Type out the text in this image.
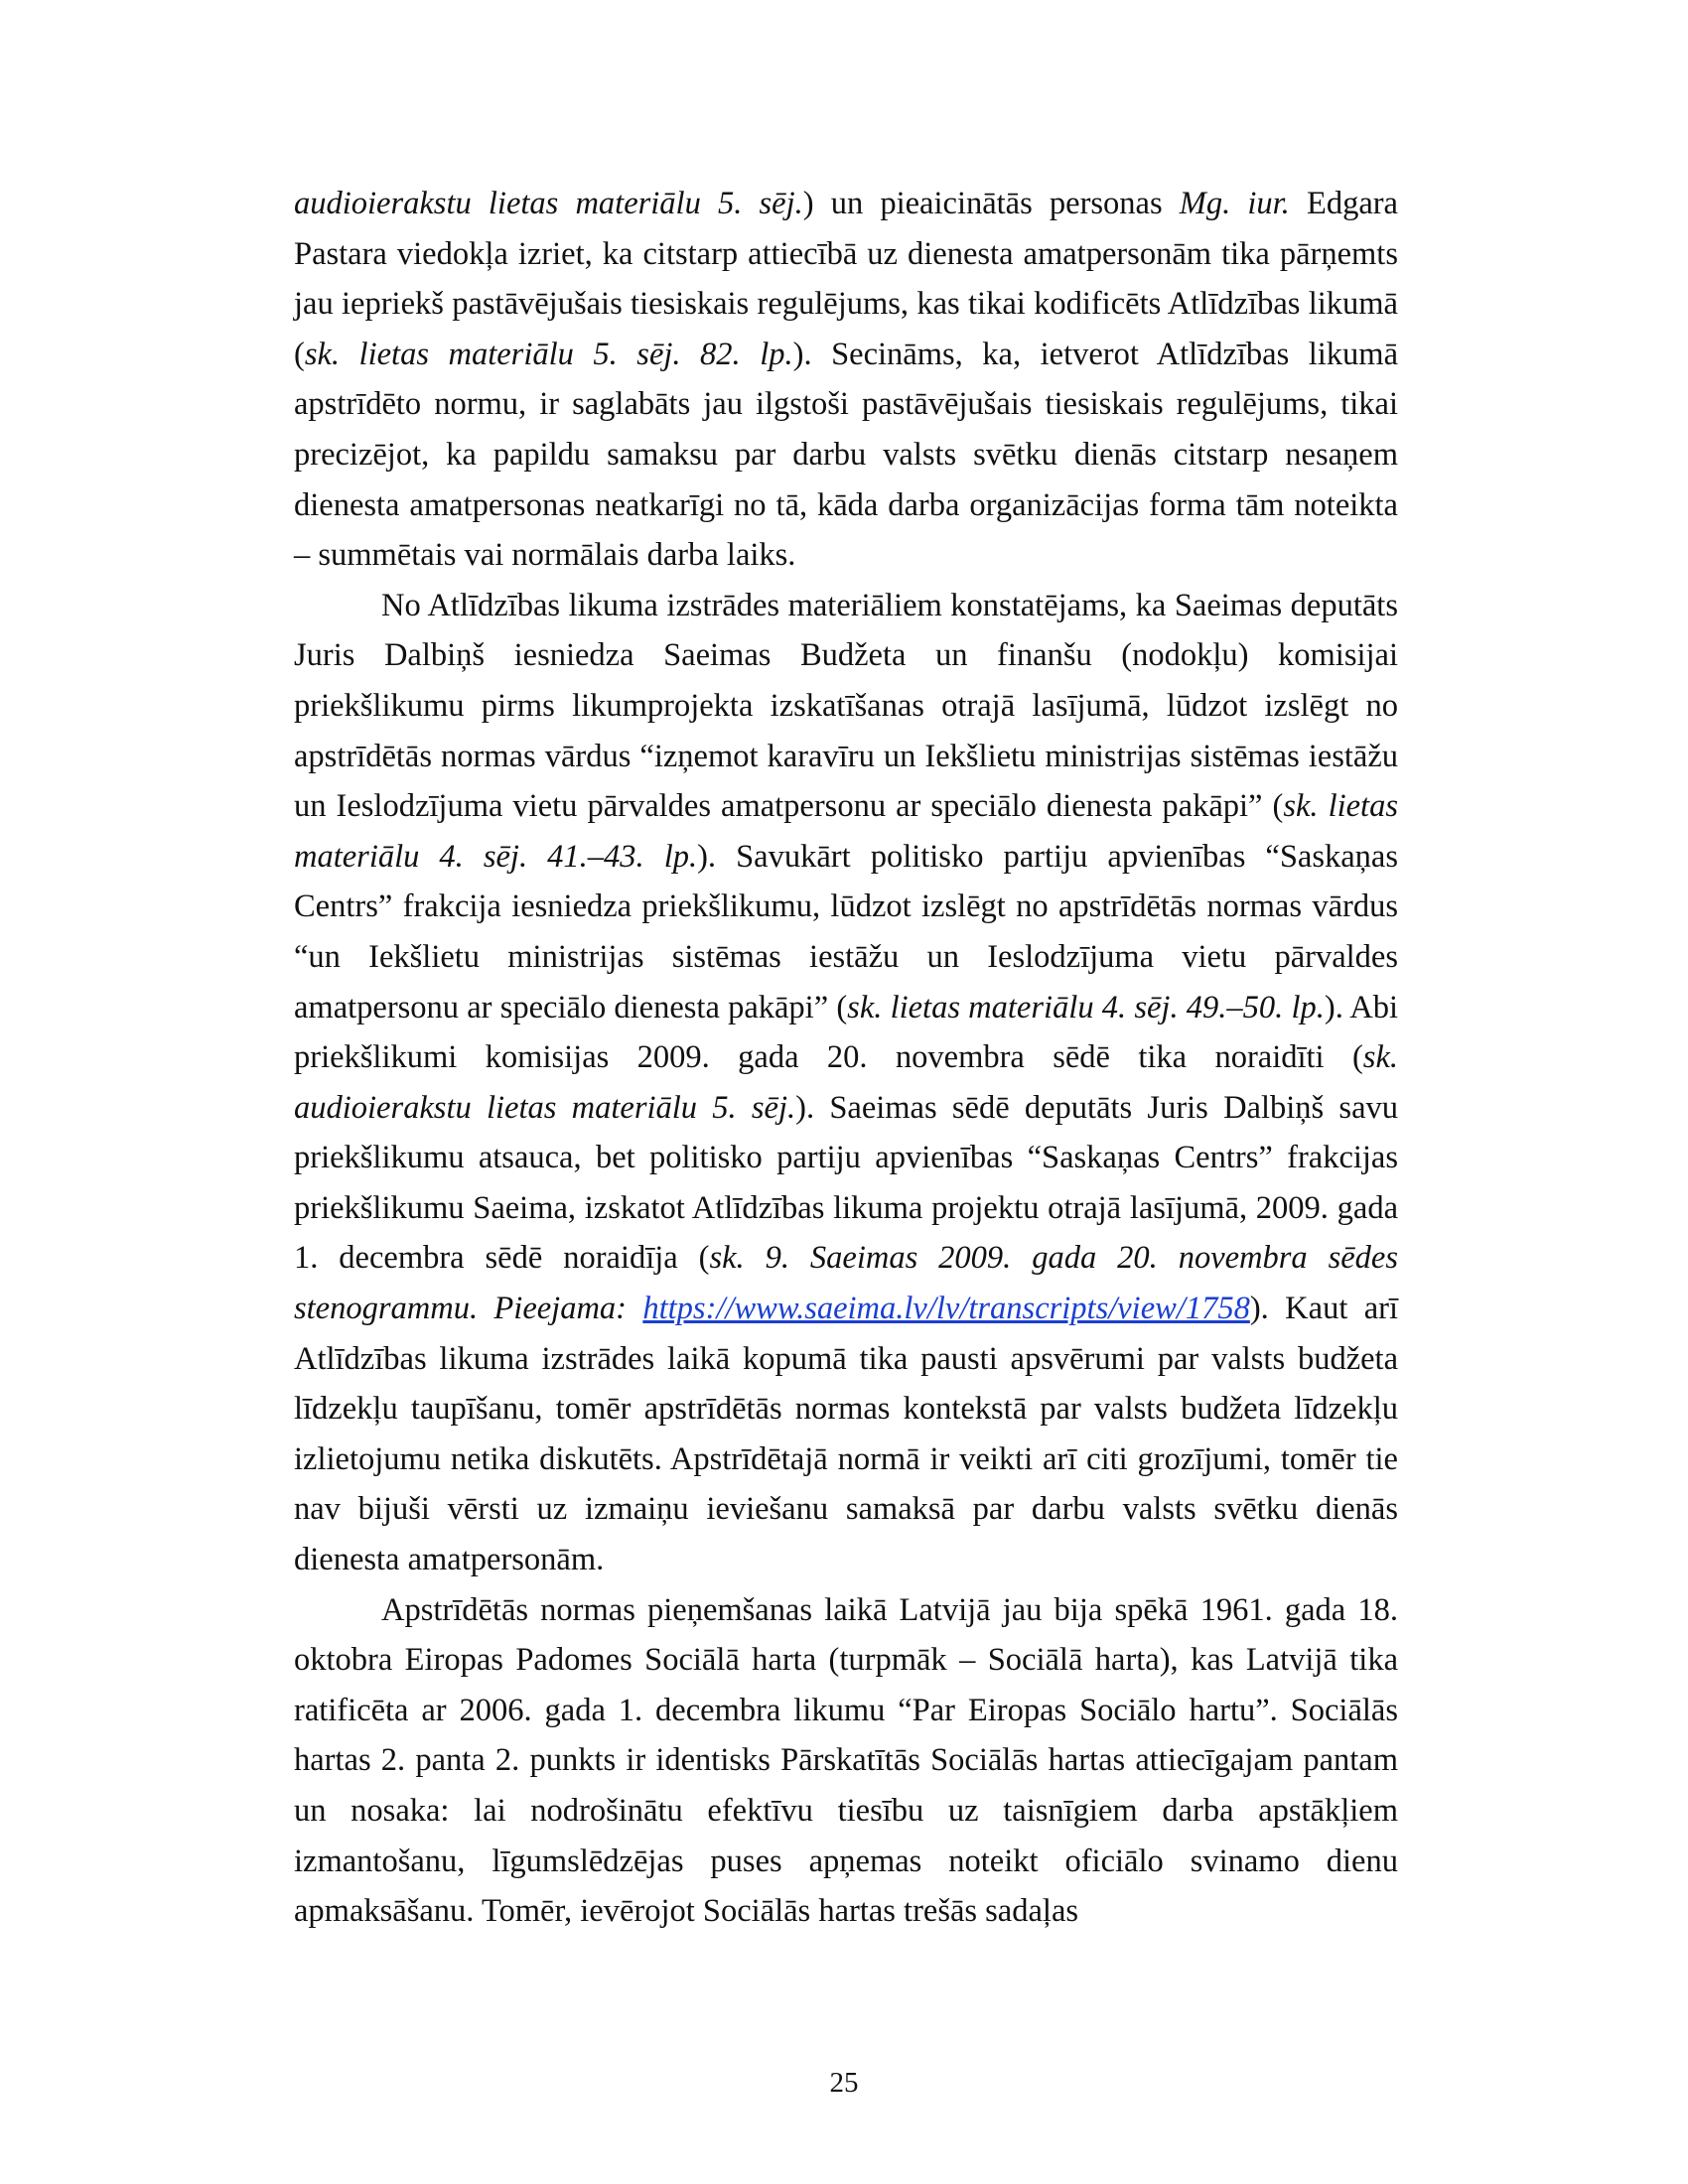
audioierakstu lietas materiālu 5. sēj.) un pieaicinātās personas Mg. iur. Edgara Pastara viedokļa izriet, ka citstarp attiecībā uz dienesta amatpersonām tika pārņemts jau iepriekš pastāvējušais tiesiskais regulējums, kas tikai kodificēts Atlīdzības likumā (sk. lietas materiālu 5. sēj. 82. lp.). Secināms, ka, ietverot Atlīdzības likumā apstrīdēto normu, ir saglabāts jau ilgstoši pastāvējušais tiesiskais regulējums, tikai precizējot, ka papildu samaksu par darbu valsts svētku dienās citstarp nesaņem dienesta amatpersonas neatkarīgi no tā, kāda darba organizācijas forma tām noteikta – summētais vai normālais darba laiks.

No Atlīdzības likuma izstrādes materiāliem konstatējams, ka Saeimas deputāts Juris Dalbiņš iesniedza Saeimas Budžeta un finanšu (nodokļu) komisijai priekšlikumu pirms likumprojekta izskatīšanas otrajā lasījumā, lūdzot izslēgt no apstrīdētās normas vārdus “izņemot karavīru un Iekšlietu ministrijas sistēmas iestāžu un Ieslodzījuma vietu pārvaldes amatpersonu ar speciālo dienesta pakāpi” (sk. lietas materiālu 4. sēj. 41.–43. lp.). Savukārt politisko partiju apvienības “Saskaņas Centrs” frakcija iesniedza priekšlikumu, lūdzot izslēgt no apstrīdētās normas vārdus “un Iekšlietu ministrijas sistēmas iestāžu un Ieslodzījuma vietu pārvaldes amatpersonu ar speciālo dienesta pakāpi” (sk. lietas materiālu 4. sēj. 49.–50. lp.). Abi priekšlikumi komisijas 2009. gada 20. novembra sēdē tika noraidīti (sk. audioierakstu lietas materiālu 5. sēj.). Saeimas sēdē deputāts Juris Dalbiņš savu priekšlikumu atsauca, bet politisko partiju apvienības “Saskaņas Centrs” frakcijas priekšlikumu Saeima, izskatot Atlīdzības likuma projektu otrajā lasījumā, 2009. gada 1. decembra sēdē noraidīja (sk. 9. Saeimas 2009. gada 20. novembra sēdes stenogrammu. Pieejama: https://www.saeima.lv/lv/transcripts/view/1758). Kaut arī Atlīdzības likuma izstrādes laikā kopumā tika pausti apsvērumi par valsts budžeta līdzekļu taupīšanu, tomēr apstrīdētās normas kontekstā par valsts budžeta līdzekļu izlietojumu netika diskutēts. Apstrīdētajā normā ir veikti arī citi grozījumi, tomēr tie nav bijuši vērsti uz izmaiņu ieviešanu samaksā par darbu valsts svētku dienās dienesta amatpersonām.

Apstrīdētās normas pieņemšanas laikā Latvijā jau bija spēkā 1961. gada 18. oktobra Eiropas Padomes Sociālā harta (turpmāk – Sociālā harta), kas Latvijā tika ratificēta ar 2006. gada 1. decembra likumu “Par Eiropas Sociālo hartu”. Sociālās hartas 2. panta 2. punkts ir identisks Pārskatītās Sociālās hartas attiecīgajam pantam un nosaka: lai nodrošinātu efektīvu tiesību uz taisnīgiem darba apstākļiem izmantošanu, līgumslēdzējas puses apņemas noteikt oficiālo svinamo dienu apmaksāšanu. Tomēr, ievērojot Sociālās hartas trešās sadaļas

25
